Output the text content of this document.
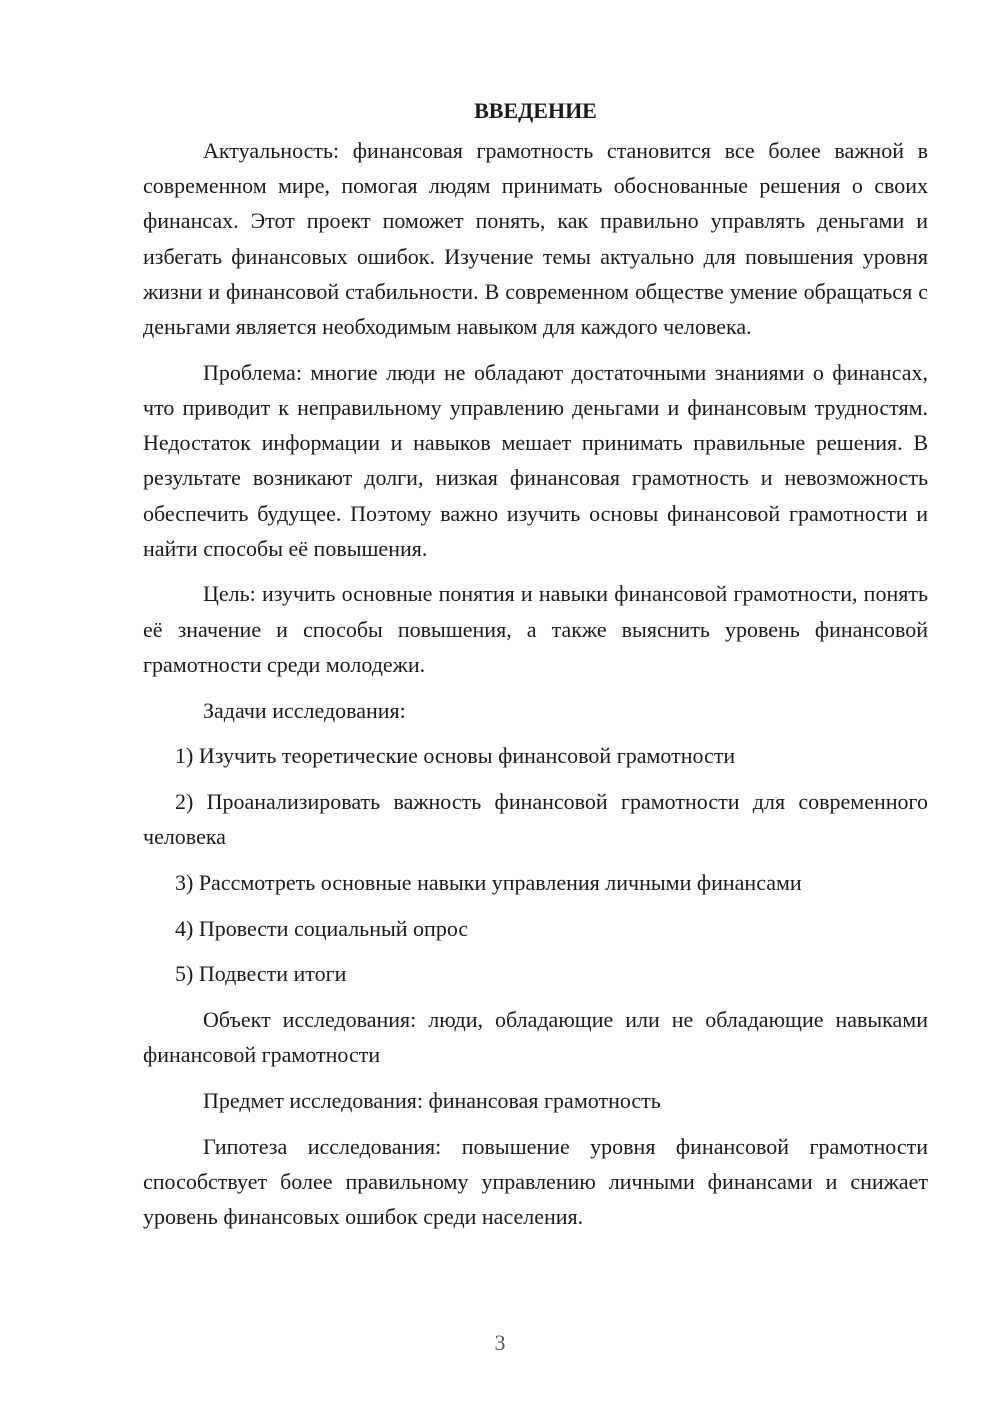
ВВЕДЕНИЕ

Актуальность: финансовая грамотность становится все более важной в современном мире, помогая людям принимать обоснованные решения о своих финансах. Этот проект поможет понять, как правильно управлять деньгами и избегать финансовых ошибок. Изучение темы актуально для повышения уровня жизни и финансовой стабильности. В современном обществе умение обращаться с деньгами является необходимым навыком для каждого человека.

Проблема: многие люди не обладают достаточными знаниями о финансах, что приводит к неправильному управлению деньгами и финансовым трудностям. Недостаток информации и навыков мешает принимать правильные решения. В результате возникают долги, низкая финансовая грамотность и невозможность обеспечить будущее. Поэтому важно изучить основы финансовой грамотности и найти способы её повышения.

Цель: изучить основные понятия и навыки финансовой грамотности, понять её значение и способы повышения, а также выяснить уровень финансовой грамотности среди молодежи.

Задачи исследования:

1) Изучить теоретические основы финансовой грамотности
2) Проанализировать важность финансовой грамотности для современного человека
3) Рассмотреть основные навыки управления личными финансами
4) Провести социальный опрос
5) Подвести итоги

Объект исследования: люди, обладающие или не обладающие навыками финансовой грамотности

Предмет исследования: финансовая грамотность

Гипотеза исследования: повышение уровня финансовой грамотности способствует более правильному управлению личными финансами и снижает уровень финансовых ошибок среди населения.

3
